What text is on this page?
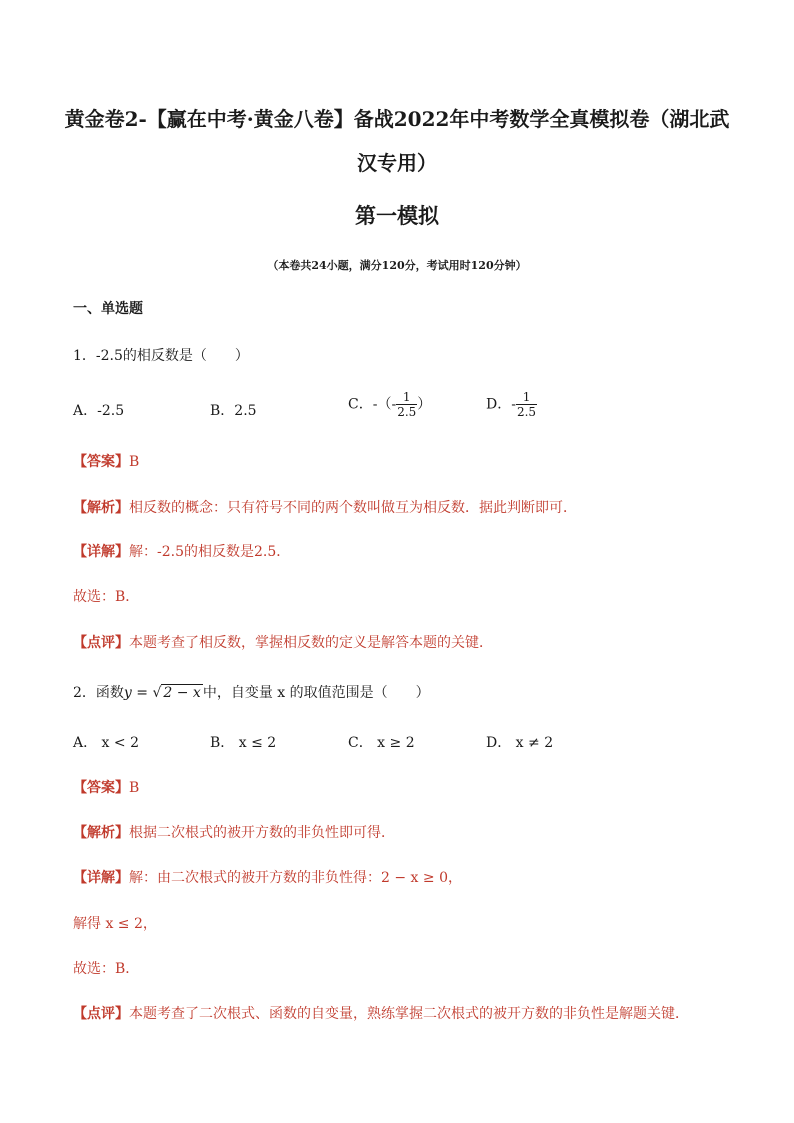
黄金卷2-【赢在中考·黄金八卷】备战2022年中考数学全真模拟卷（湖北武汉专用）
第一模拟
（本卷共24小题，满分120分，考试用时120分钟）
一、单选题
1．-2.5的相反数是（　　）
A．-2.5	B．2.5	C．-（- $\frac{1}{2.5}$ ）	D．- $\frac{1}{2.5}$
【答案】B
【解析】相反数的概念：只有符号不同的两个数叫做互为相反数．据此判断即可．
【详解】解：-2.5的相反数是2.5．
故选：B．
【点评】本题考查了相反数，掌握相反数的定义是解答本题的关键．
2．函数y = √ 2 − x 中，自变量 x 的取值范围是（　　）
A． x < 2	B． x ≤ 2	C． x ≥ 2	D． x ≠ 2
【答案】B
【解析】根据二次根式的被开方数的非负性即可得．
【详解】解：由二次根式的被开方数的非负性得：2 − x ≥ 0，
解得 x ≤ 2，
故选：B．
【点评】本题考查了二次根式、函数的自变量，熟练掌握二次根式的被开方数的非负性是解题关键．
